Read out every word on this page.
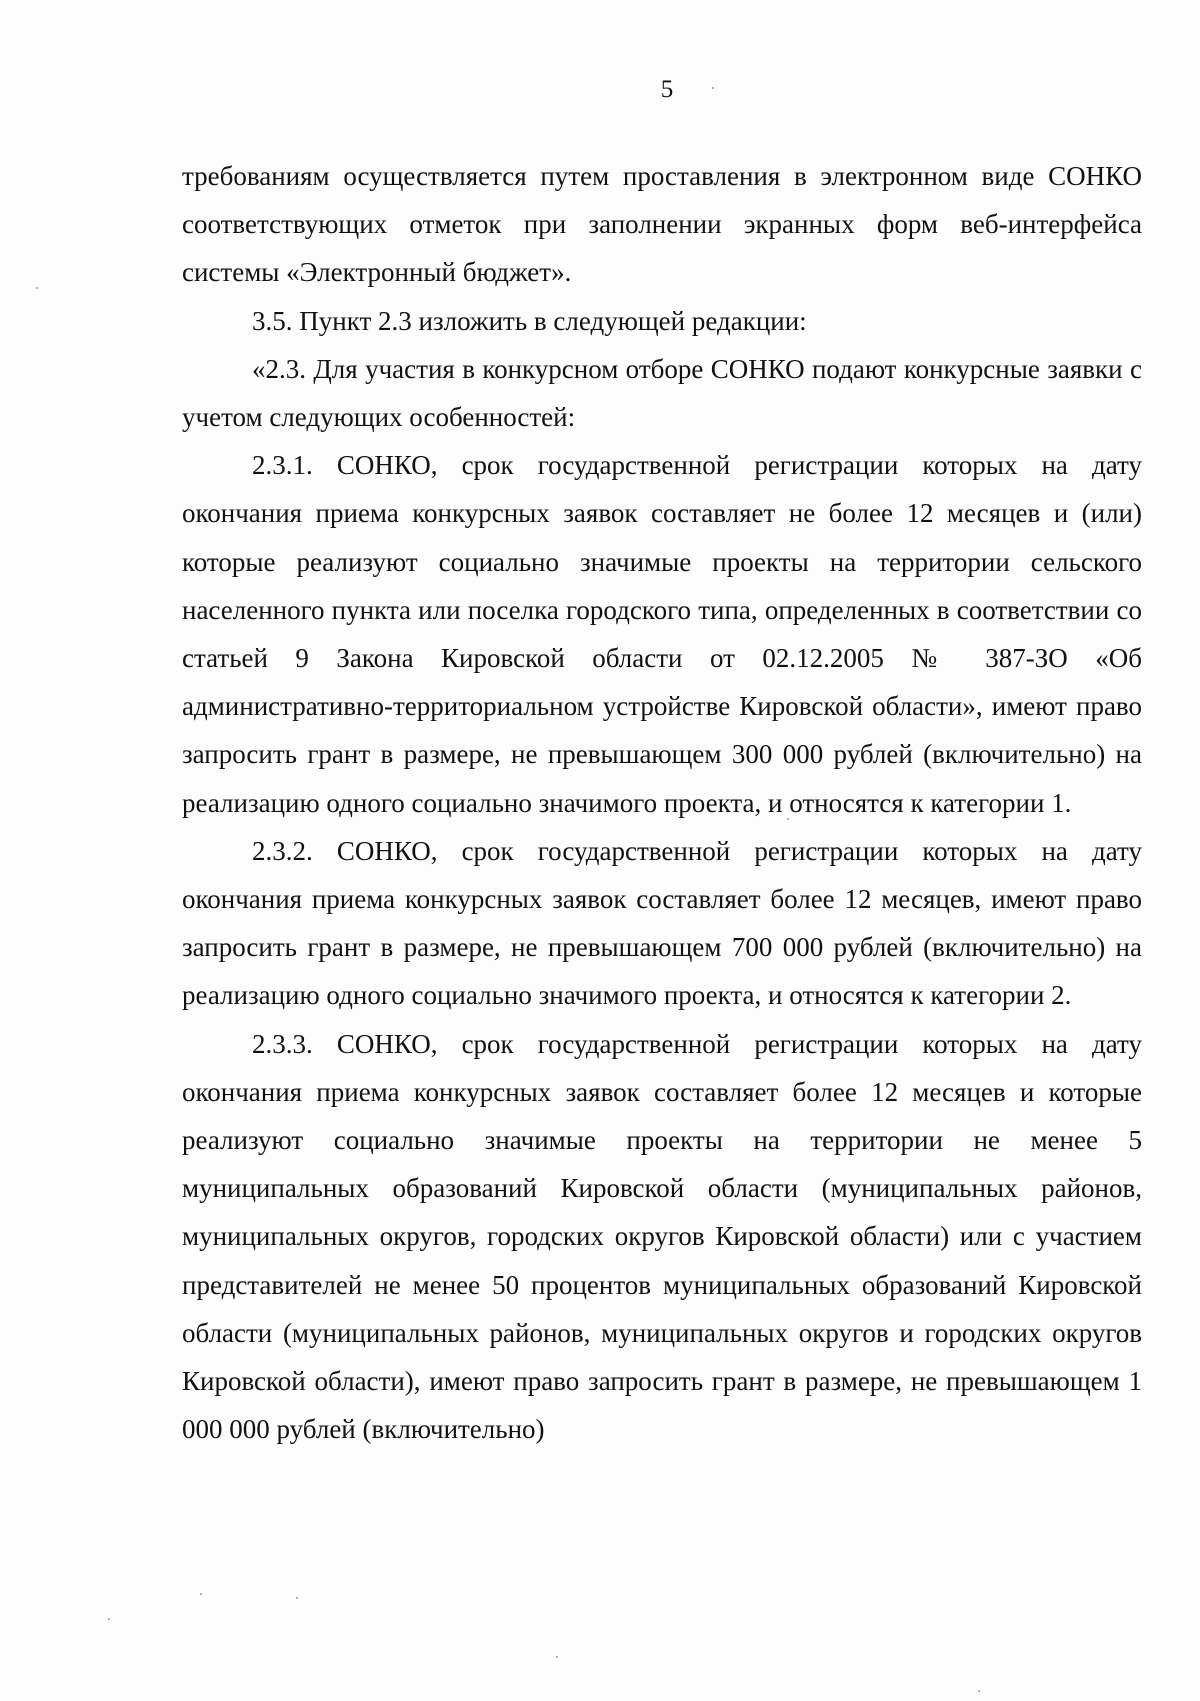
5

требованиям осуществляется путем проставления в электронном виде СОНКО соответствующих отметок при заполнении экранных форм веб-интерфейса системы «Электронный бюджет».

3.5. Пункт 2.3 изложить в следующей редакции:

«2.3. Для участия в конкурсном отборе СОНКО подают конкурсные заявки с учетом следующих особенностей:

2.3.1. СОНКО, срок государственной регистрации которых на дату окончания приема конкурсных заявок составляет не более 12 месяцев и (или) которые реализуют социально значимые проекты на территории сельского населенного пункта или поселка городского типа, определенных в соответствии со статьей 9 Закона Кировской области от 02.12.2005 № 387-ЗО «Об административно-территориальном устройстве Кировской области», имеют право запросить грант в размере, не превышающем 300 000 рублей (включительно) на реализацию одного социально значимого проекта, и относятся к категории 1.

2.3.2. СОНКО, срок государственной регистрации которых на дату окончания приема конкурсных заявок составляет более 12 месяцев, имеют право запросить грант в размере, не превышающем 700 000 рублей (включительно) на реализацию одного социально значимого проекта, и относятся к категории 2.

2.3.3. СОНКО, срок государственной регистрации которых на дату окончания приема конкурсных заявок составляет более 12 месяцев и которые реализуют социально значимые проекты на территории не менее 5 муниципальных образований Кировской области (муниципальных районов, муниципальных округов, городских округов Кировской области) или с участием представителей не менее 50 процентов муниципальных образований Кировской области (муниципальных районов, муниципальных округов и городских округов Кировской области), имеют право запросить грант в размере, не превышающем 1 000 000 рублей (включительно)
